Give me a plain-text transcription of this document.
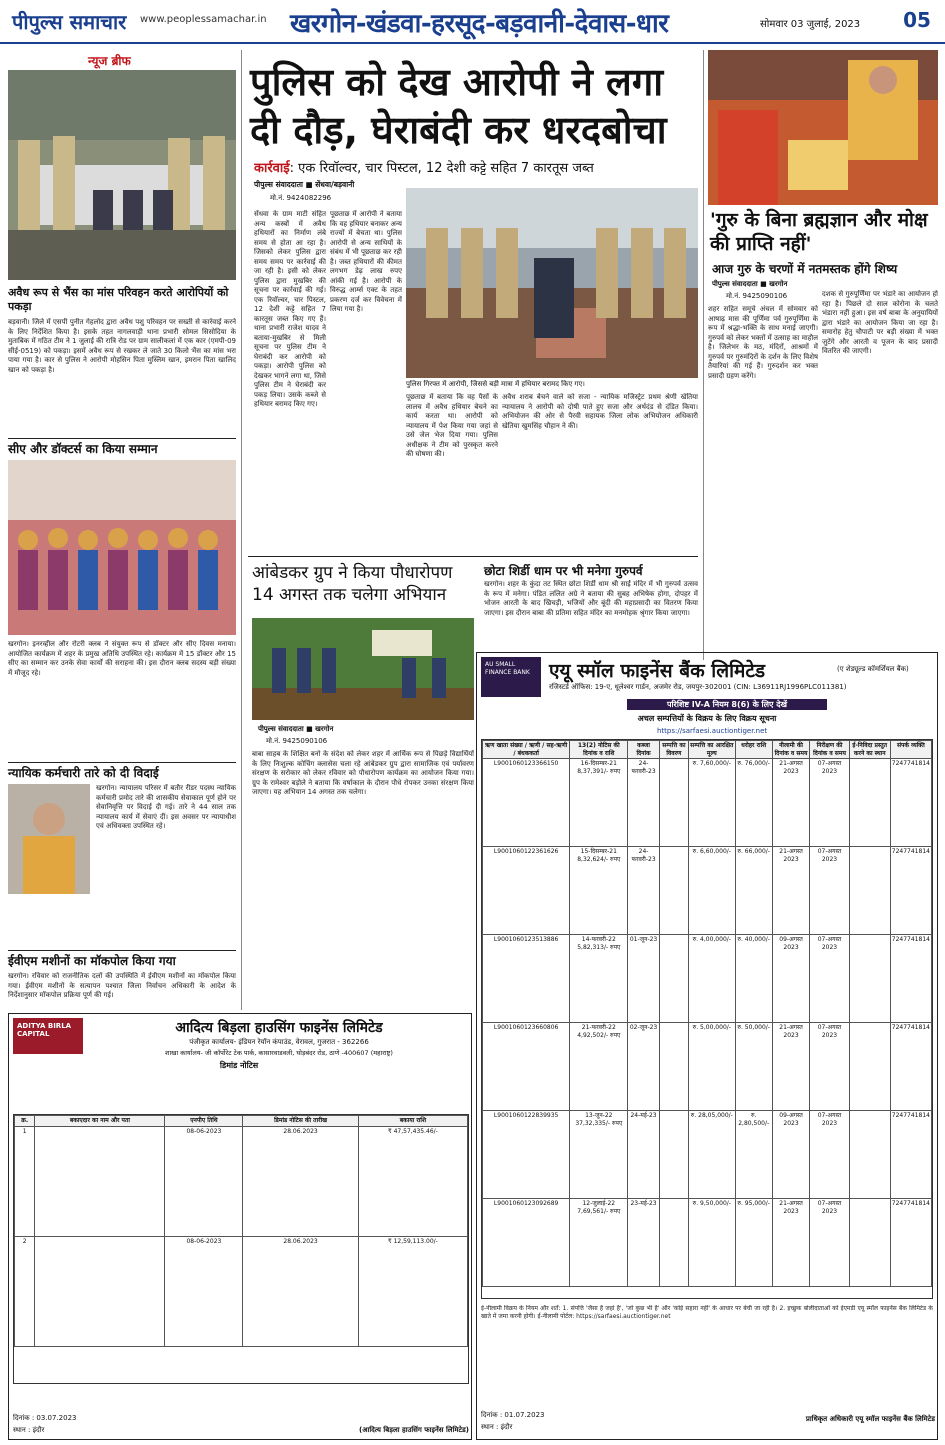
पीपुल्स समाचार www.peoplessamachar.in खरगोन-खंडवा-हरसूद-बड़वानी-देवास-धार	सोमवार 03 जुलाई, 2023	05
न्यूज ब्रीफ
अवैध रूप से भैंस का मांस परिवहन करते आरोपियों को पकड़ा
बड़वानी। जिले में एसपी पुनीत गेहलोद द्वारा अवैध पशु परिवहन पर सख्ती से कार्रवाई करने के लिए निर्देशित किया है। इसके तहत नागलवाड़ी थाना प्रभारी सोमल सिसोदिया के मुताबिक में गठित टीम ने 1 जुलाई की रात्रि रोड पर ग्राम सालीकलां में एक कार (एमपी-09 सीई-0519) को पकड़ा। इसमें अवैध रूप से रखकर ले जाते 30 किलो भैंस का मांस भरा पाया गया है। कार से पुलिस ने आरोपी मोहसिन पिता मुस्लिम खान, इमरान पिता खालिद खान को पकड़ा है।
सीए और डॉक्टर्स का किया सम्मान
खरगोन। इनरव्हील और रोटरी क्लब ने संयुक्त रूप से डॉक्टर और सीए दिवस मनाया। आयोजित कार्यक्रम में शहर के प्रमुख अतिथि उपस्थित रहे। कार्यक्रम में 15 डॉक्टर और 15 सीए का सम्मान कर उनके सेवा कार्यों की सराहना की। इस दौरान क्लब सदस्य बड़ी संख्या में मौजूद रहे।
न्यायिक कर्मचारी तारे को दी विदाई
खरगोन। न्यायालय परिसर में बतौर रीडर पदस्थ न्यायिक कर्मचारी प्रमोद तारे की शासकीय सेवाकाल पूर्ण होने पर सेवानिवृत्ति पर विदाई दी गई। तारे ने 44 साल तक न्यायालय कार्य में सेवाएं दीं। इस अवसर पर न्यायाधीश एवं अधिवक्ता उपस्थित रहे।
ईवीएम मशीनों का मॉकपोल किया गया
खरगोन। रविवार को राजनीतिक दलों की उपस्थिति में ईवीएम मशीनों का मॉकपोल किया गया। ईवीएम मशीनों के सत्यापन पश्चात जिला निर्वाचन अधिकारी के आदेश के निर्देशानुसार मॉकपोल प्रक्रिया पूर्ण की गई।
पुलिस को देख आरोपी ने लगा दी दौड़, घेराबंदी कर धरदबोचा
कार्रवाई: एक रिवॉल्वर, चार पिस्टल, 12 देशी कट्टे सहित 7 कारतूस जब्त
पीपुल्स संवाददाता ■ सेंधवा/बड़वानी
मो.नं. 9424082296
सेंधवा के ग्राम माटी संहित अन्य कस्बों में अवैध हथियारों का निर्माण लंबे समय से होता आ रहा है। जिसको लेकर पुलिस द्वारा समय समय पर कार्रवाई की जा रही है। इसी को लेकर पुलिस द्वारा मुखबिर की सूचना पर कार्रवाई की गई। एक रिवॉल्वर, चार पिस्टल, 12 देशी कट्टे सहित 7 कारतूस जब्त किए गए हैं। थाना प्रभारी राजेश यादव ने बताया-मुखबिर से मिली सूचना पर पुलिस टीम ने घेराबंदी कर आरोपी को पकड़ा। आरोपी पुलिस को देखकर भागने लगा था, जिसे पुलिस टीम ने घेराबंदी कर पकड़ लिया। उसके कब्जे से हथियार बरामद किए गए।
पूछताछ में आरोपी ने बताया कि वह हथियार बनाकर अन्य राज्यों में बेचता था। पुलिस आरोपी से अन्य साथियों के संबंध में भी पूछताछ कर रही है। जब्त हथियारों की कीमत लगभग डेढ़ लाख रुपए आंकी गई है। आरोपी के विरुद्ध आर्म्स एक्ट के तहत प्रकरण दर्ज कर विवेचना में लिया गया है।
पुलिस गिरफ्त में आरोपी, जिससे बड़ी मात्रा में हथियार बरामद किए गए।
पूछताछ में बताया कि वह पैसों के लालच में अवैध हथियार बेचने का कार्य करता था। आरोपी को न्यायालय में पेश किया गया जहां से उसे जेल भेज दिया गया। पुलिस अधीक्षक ने टीम को पुरस्कृत करने की घोषणा की।
अवैध शराब बेचने वाले को सजा - न्यायिक मजिस्ट्रेट प्रथम श्रेणी खेतिया न्यायालय ने आरोपी को दोषी पाते हुए सजा और अर्थदंड से दंडित किया। अभियोजन की ओर से पैरवी सहायक जिला लोक अभियोजन अधिकारी खेतिया खुमसिंह चौहान ने की।
'गुरु के बिना ब्रह्मज्ञान और मोक्ष की प्राप्ति नहीं'
आज गुरु के चरणों में नतमस्तक होंगे शिष्य
पीपुल्स संवाददाता ■ खरगोन
मो.नं. 9425090106
शहर सहित समूचे अंचल में सोमवार को आषाढ़ मास की पूर्णिमा पर्व गुरुपूर्णिमा के रूप में श्रद्धा-भक्ति के साथ मनाई जाएगी। गुरुपर्व को लेकर भक्तों में उत्साह का माहौल है। जिलेभर के मठ, मंदिरों, आश्रमों में गुरुपर्व पर गुरुमंदिरों के दर्शन के लिए विशेष तैयारियां की गई हैं। गुरुदर्शन कर भक्त प्रसादी ग्रहण करेंगे।
दशक से गुरुपूर्णिमा पर भंडारे का आयोजन हो रहा है। पिछले दो साल कोरोना के चलते भंडारा नहीं हुआ। इस वर्ष बाबा के अनुयायियों द्वारा भंडारे का आयोजन किया जा रहा है। समारोह हेतु चौपाटी पर बड़ी संख्या में भक्त जुटेंगे और आरती व पूजन के बाद प्रसादी वितरित की जाएगी।
आंबेडकर ग्रुप ने किया पौधारोपण 14 अगस्त तक चलेगा अभियान
पीपुल्स संवाददाता ■ खरगोन
मो.नं. 9425090106
बाबा साहब के शिक्षित बनो के संदेश को लेकर शहर में आर्थिक रूप से पिछड़े विद्यार्थियों के लिए निःशुल्क कोचिंग क्लासेस चला रहे आंबेडकर ग्रुप द्वारा सामाजिक एवं पर्यावरण संरक्षण के सरोकार को लेकर रविवार को पौधारोपण कार्यक्रम का आयोजन किया गया। ग्रुप के रामेश्वर बड़ोले ने बताया कि वर्षाकाल के दौरान पौधे रोपकर उनका संरक्षण किया जाएगा। यह अभियान 14 अगस्त तक चलेगा।
छोटा शिर्डी धाम पर भी मनेगा गुरुपर्व
खरगोन। शहर के कुंदा तट स्थित छोटा शिर्डी धाम श्री साईं मंदिर में भी गुरुपर्व उत्सव के रूप में मनेगा। पंडित ललित अग्रे ने बताया की सुबह अभिषेक होगा, दोपहर में भोजन आरती के बाद खिचड़ी, भजियों और बूंदी की महाप्रसादी का वितरण किया जाएगा। इस दौरान बाबा की प्रतिमा सहित मंदिर का मनमोहक श्रृंगार किया जाएगा।
AU SMALL FINANCE BANK	एयू स्मॉल फाइनेंस बैंक लिमिटेड	(ए शेड्यूल्ड कॉमर्शियल बैंक)
रजिस्टर्ड ऑफिस: 19-ए, धूलेश्वर गार्डन, अजमेर रोड, जयपुर-302001 (CIN: L36911RJ1996PLC011381)
परिशिष्ट IV-A नियम 8(6) के लिए देखें
अचल सम्पत्तियों के विक्रय के लिए विक्रय सूचना
https://sarfaesi.auctiontiger.net
ऋण खाता संख्या / ऋणी / सह-ऋणी / बंधककर्ता	13(2) नोटिस की दिनांक व राशि	कब्जा दिनांक	सम्पत्ति का विवरण	सम्पत्ति का आरक्षित मूल्य	धरोहर राशि	नीलामी की दिनांक व समय	निरीक्षण की दिनांक व समय	ई-निविदा प्रस्तुत करने का स्थान	संपर्क व्यक्ति
L9001060123366150	16-दिसम्बर-21 8,37,391/- रुपए	24-फरवरी-23		रु. 7,60,000/-	रु. 76,000/-	21-अगस्त 2023	07-अगस्त 2023		7247741814
L9001060122361626	15-दिसम्बर-21 8,32,624/- रुपए	24-फरवरी-23		रु. 6,60,000/-	रु. 66,000/-	21-अगस्त 2023	07-अगस्त 2023		7247741814
L9001060123513886	14-फरवरी-22 5,82,313/- रुपए	01-जून-23		रु. 4,00,000/-	रु. 40,000/-	09-अगस्त 2023	07-अगस्त 2023		7247741814
L9001060123660806	21-फरवरी-22 4,92,502/- रुपए	02-जून-23		रु. 5,00,000/-	रु. 50,000/-	21-अगस्त 2023	07-अगस्त 2023		7247741814
L9001060122839935	13-जून-22 37,32,335/- रुपए	24-मई-23		रु. 28,05,000/-	रु. 2,80,500/-	09-अगस्त 2023	07-अगस्त 2023		7247741814
L9001060123092689	12-जुलाई-22 7,69,561/- रुपए	23-मई-23		रु. 9,50,000/-	रु. 95,000/-	21-अगस्त 2023	07-अगस्त 2023		7247741814
ई-नीलामी विक्रय के नियम और शर्तें: 1. संपत्ति 'जैसा है जहां है', 'जो कुछ भी है' और 'कोई सहारा नहीं' के आधार पर बेची जा रही है। 2. इच्छुक बोलीदाताओं को ईएमडी एयू स्मॉल फाइनेंस बैंक लिमिटेड के खाते में जमा करनी होगी। ई-नीलामी पोर्टल: https://sarfaesi.auctiontiger.net
दिनांक : 01.07.2023
स्थान : इंदौर
प्राधिकृत अधिकारी एयू स्मॉल फाइनेंस बैंक लिमिटेड
ADITYA BIRLA CAPITAL	आदित्य बिड़ला हाउसिंग फाइनेंस लिमिटेड
पंजीकृत कार्यालय- इंडियन रेयॉन कंपाउंड, वेरावल, गुजरात - 362266
शाखा कार्यालय- जी कॉर्पोरेट टेक पार्क, कासारवाडवली, घोड़बंदर रोड, ठाणे -400607 (महाराष्ट्र)
डिमांड नोटिस
क्र.	बकाएदार का नाम और पता	एनपीए तिथि	डिमांड नोटिस की तारीख	बकाया राशि
1		08-06-2023	28.06.2023	₹ 47,57,435.46/-
2		08-06-2023	28.06.2023	₹ 12,59,113.00/-
दिनांक : 03.07.2023
स्थान : इंदौर	(आदित्य बिड़ला हाउसिंग फाइनेंस लिमिटेड)
